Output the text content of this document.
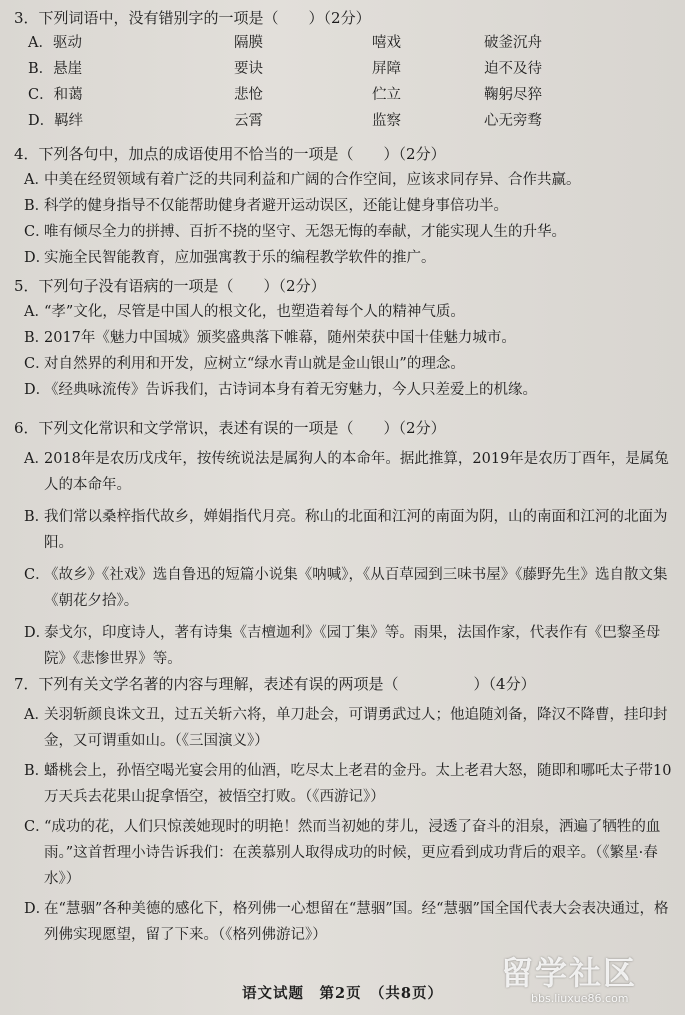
3．下列词语中，没有错别字的一项是（　　）（2分）
A．驱动	隔膜	嘻戏	破釜沉舟
B．悬崖	要诀	屏障	迫不及待
C．和蔼	悲怆	伫立	鞠躬尽猝
D．羁绊	云霄	监察	心无旁骛
4．下列各句中，加点的成语使用不恰当的一项是（　　）（2分）
A．中美在经贸领域有着广泛的共同利益和广阔的合作空间，应该求同存异、合作共赢。
B．科学的健身指导不仅能帮助健身者避开运动误区，还能让健身事倍功半。
C．唯有倾尽全力的拼搏、百折不挠的坚守、无怨无悔的奉献，才能实现人生的升华。
D．实施全民智能教育，应加强寓教于乐的编程教学软件的推广。
5．下列句子没有语病的一项是（　　）（2分）
A．“孝”文化，尽管是中国人的根文化，也塑造着每个人的精神气质。
B．2017年《魅力中国城》颁奖盛典落下帷幕，随州荣获中国十佳魅力城市。
C．对自然界的利用和开发，应树立“绿水青山就是金山银山”的理念。
D．《经典咏流传》告诉我们，古诗词本身有着无穷魅力，今人只差爱上的机缘。
6．下列文化常识和文学常识，表述有误的一项是（　　）（2分）
A．2018年是农历戊戌年，按传统说法是属狗人的本命年。据此推算，2019年是农历丁酉年，是属兔人的本命年。
B．我们常以桑梓指代故乡，婵娟指代月亮。称山的北面和江河的南面为阴，山的南面和江河的北面为阳。
C．《故乡》《社戏》选自鲁迅的短篇小说集《呐喊》，《从百草园到三味书屋》《藤野先生》选自散文集《朝花夕拾》。
D．泰戈尔，印度诗人，著有诗集《吉檀迦利》《园丁集》等。雨果，法国作家，代表作有《巴黎圣母院》《悲惨世界》等。
7．下列有关文学名著的内容与理解，表述有误的两项是（　　　　　）（4分）
A．关羽斩颜良诛文丑，过五关斩六将，单刀赴会，可谓勇武过人；他追随刘备，降汉不降曹，挂印封金，又可谓重如山。（《三国演义》）
B．蟠桃会上，孙悟空喝光宴会用的仙酒，吃尽太上老君的金丹。太上老君大怒，随即和哪吒太子带10万天兵去花果山捉拿悟空，被悟空打败。（《西游记》）
C．“成功的花，人们只惊羡她现时的明艳！然而当初她的芽儿，浸透了奋斗的泪泉，洒遍了牺牲的血雨。”这首哲理小诗告诉我们：在羡慕别人取得成功的时候，更应看到成功背后的艰辛。（《繁星·春水》）
D．在“慧骃”各种美德的感化下，格列佛一心想留在“慧骃”国。经“慧骃”国全国代表大会表决通过，格列佛实现愿望，留了下来。（《格列佛游记》）
语文试题　第2页　（共8页）
留学社区
bbs.liuxue86.com
